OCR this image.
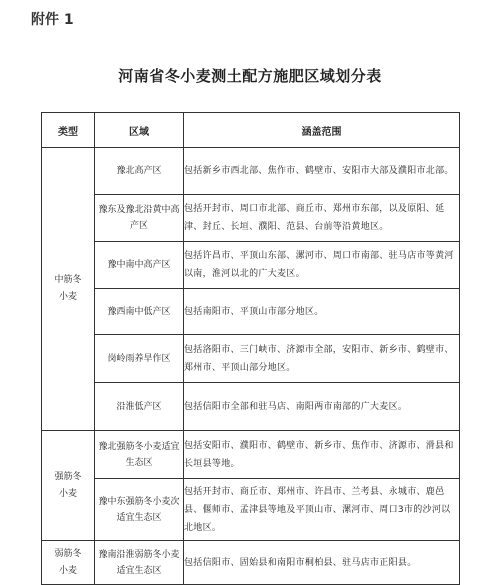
附件 1
河南省冬小麦测土配方施肥区域划分表
类型	区域	涵盖范围

中筋冬小麦	豫北高产区	包括新乡市西北部、焦作市、鹤壁市、安阳市大部及濮阳市北部。

	豫东及豫北沿黄中高产区	包括开封市、周口市北部、商丘市、郑州市东部，以及原阳、延津、封丘、长垣、濮阳、范县、台前等沿黄地区。

	豫中南中高产区	包括许昌市、平顶山东部、漯河市、周口市南部、驻马店市等黄河以南，淮河以北的广大麦区。

	豫西南中低产区	包括南阳市、平顶山市部分地区。

	岗岭雨养旱作区	包括洛阳市、三门峡市、济源市全部，安阳市、新乡市、鹤壁市、郑州市、平顶山部分地区。

	沿淮低产区	包括信阳市全部和驻马店、南阳两市南部的广大麦区。

强筋冬小麦	豫北强筋冬小麦适宜生态区	包括安阳市、濮阳市、鹤壁市、新乡市、焦作市、济源市、滑县和长垣县等地。

	豫中东强筋冬小麦次适宜生态区	包括开封市、商丘市、郑州市、许昌市、兰考县、永城市、鹿邑县、偃师市、孟津县等地及平顶山市、漯河市、周口3市的沙河以北地区。

弱筋冬小麦	豫南沿淮弱筋冬小麦适宜生态区	包括信阳市、固始县和南阳市桐柏县、驻马店市正阳县。
